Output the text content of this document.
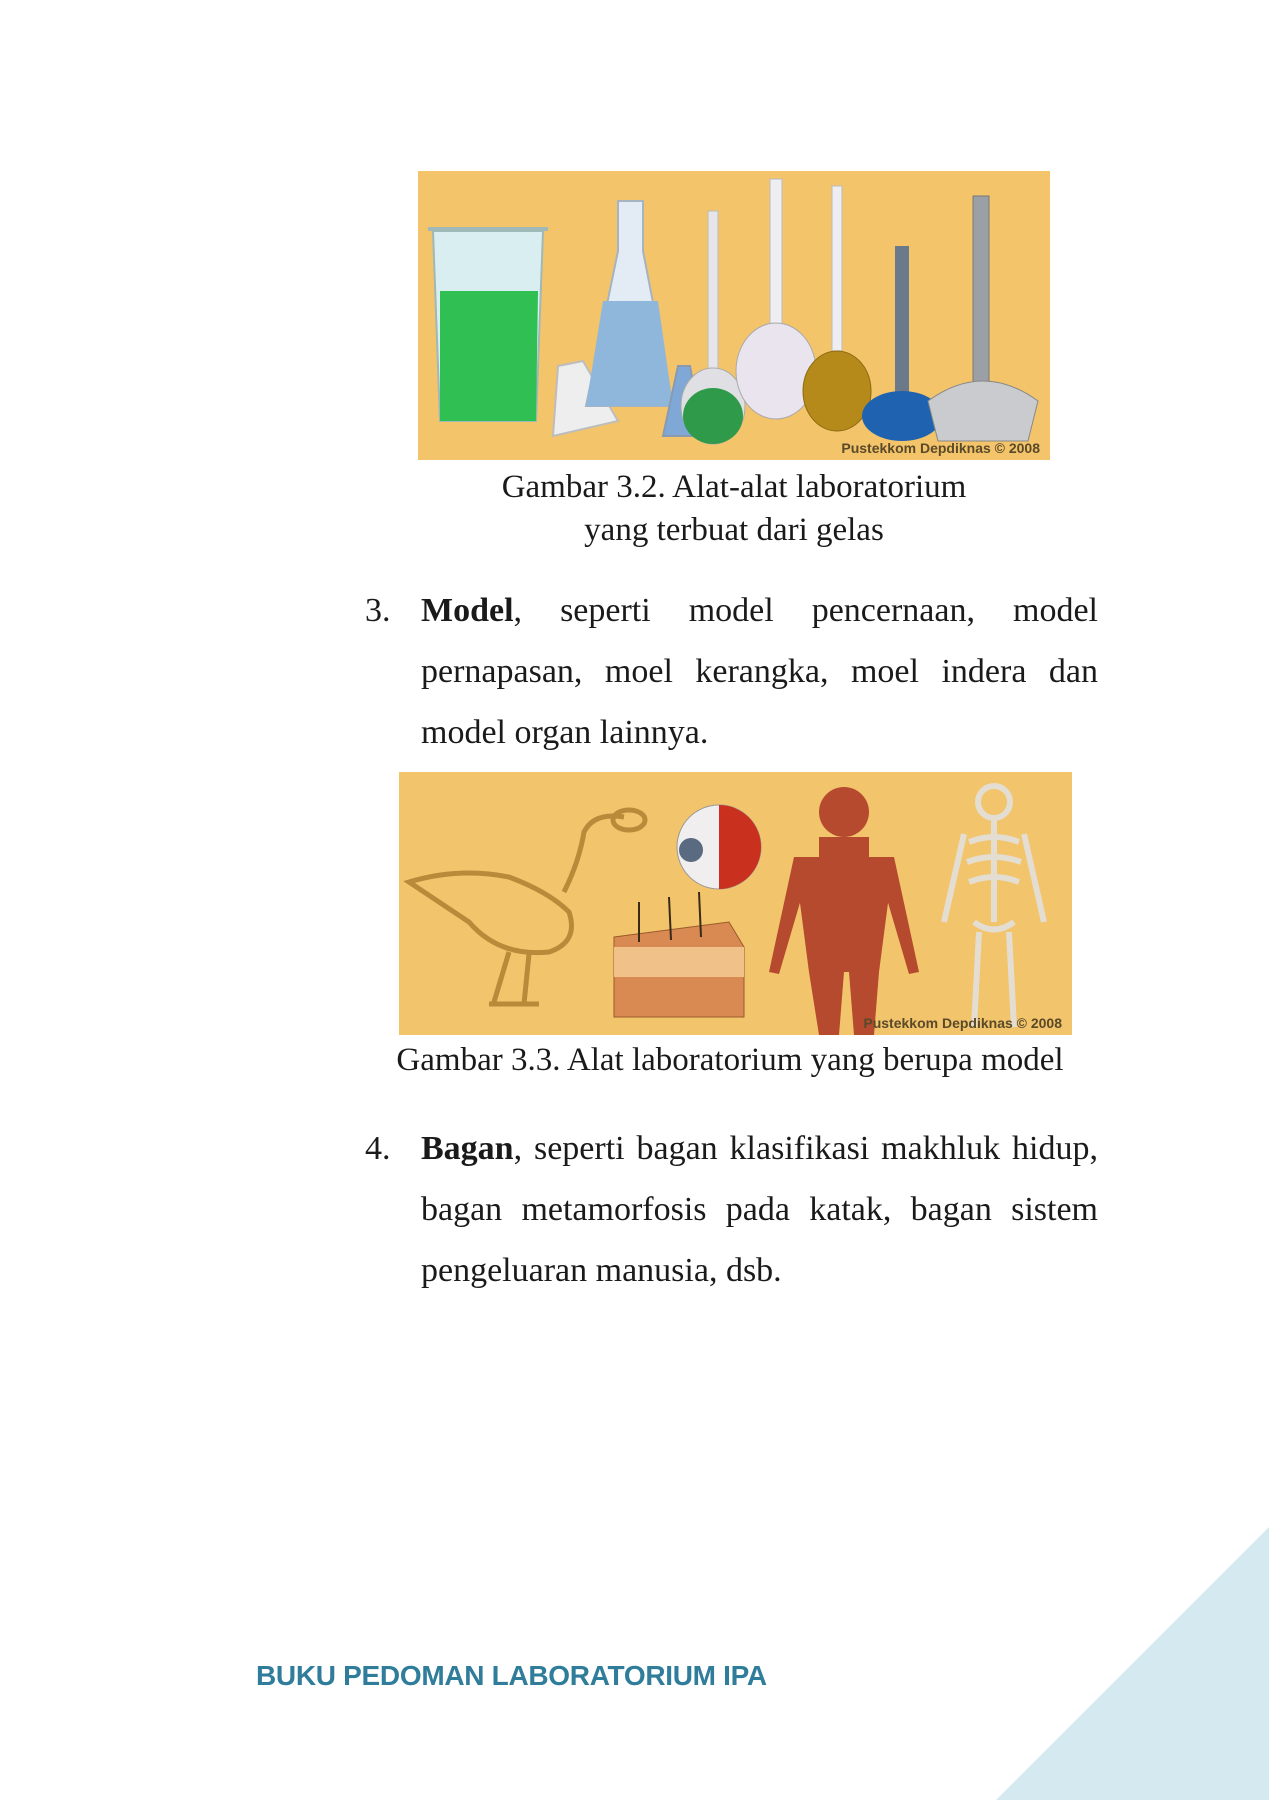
Pustekkom Depdiknas © 2008
Gambar 3.2. Alat-alat laboratorium
yang terbuat dari gelas
3. Model, seperti model pencernaan, model pernapasan, moel kerangka, moel indera dan model organ lainnya.
Pustekkom Depdiknas © 2008
Gambar 3.3. Alat laboratorium yang berupa model
4. Bagan, seperti bagan klasifikasi makhluk hidup, bagan metamorfosis pada katak, bagan sistem pengeluaran manusia, dsb.
BUKU PEDOMAN LABORATORIUM IPA
